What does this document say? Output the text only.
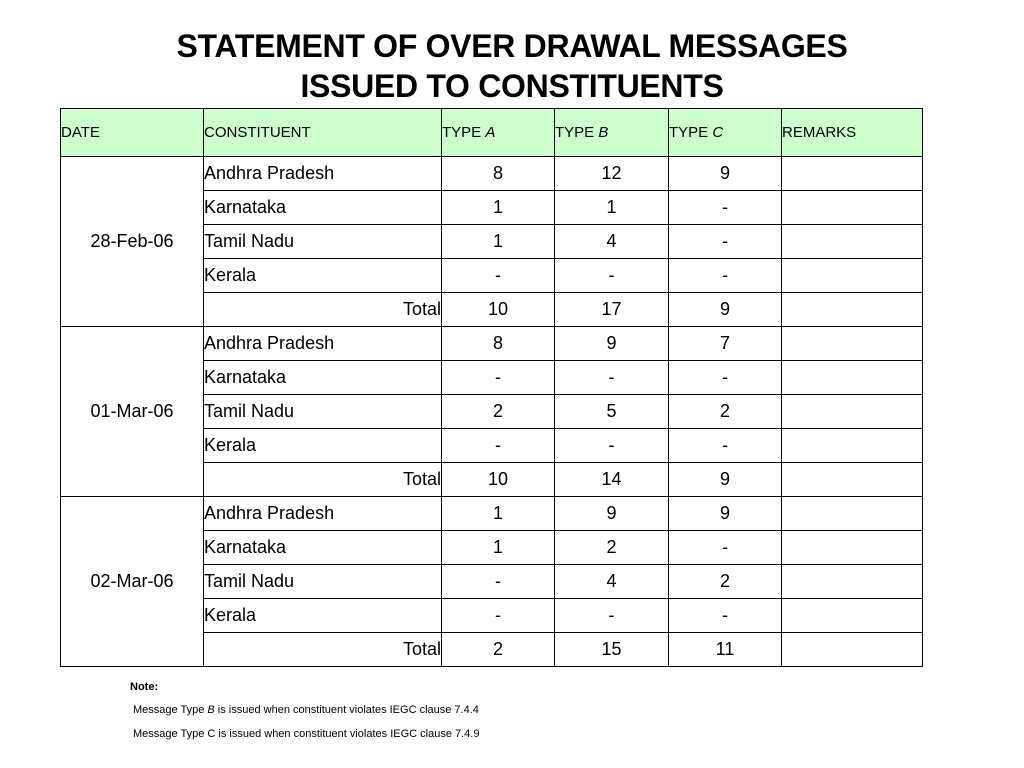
STATEMENT OF OVER DRAWAL MESSAGES
ISSUED TO CONSTITUENTS
DATE	CONSTITUENT	TYPE A	TYPE B	TYPE C	REMARKS
28-Feb-06	Andhra Pradesh	8	12	9	
	Karnataka	1	1	-	
	Tamil Nadu	1	4	-	
	Kerala	-	-	-	
	Total	10	17	9	
01-Mar-06	Andhra Pradesh	8	9	7	
	Karnataka	-	-	-	
	Tamil Nadu	2	5	2	
	Kerala	-	-	-	
	Total	10	14	9	
02-Mar-06	Andhra Pradesh	1	9	9	
	Karnataka	1	2	-	
	Tamil Nadu	-	4	2	
	Kerala	-	-	-	
	Total	2	15	11	
Note:
Message Type B is issued when constituent violates IEGC clause 7.4.4
Message Type C is issued when constituent violates IEGC clause 7.4.9
